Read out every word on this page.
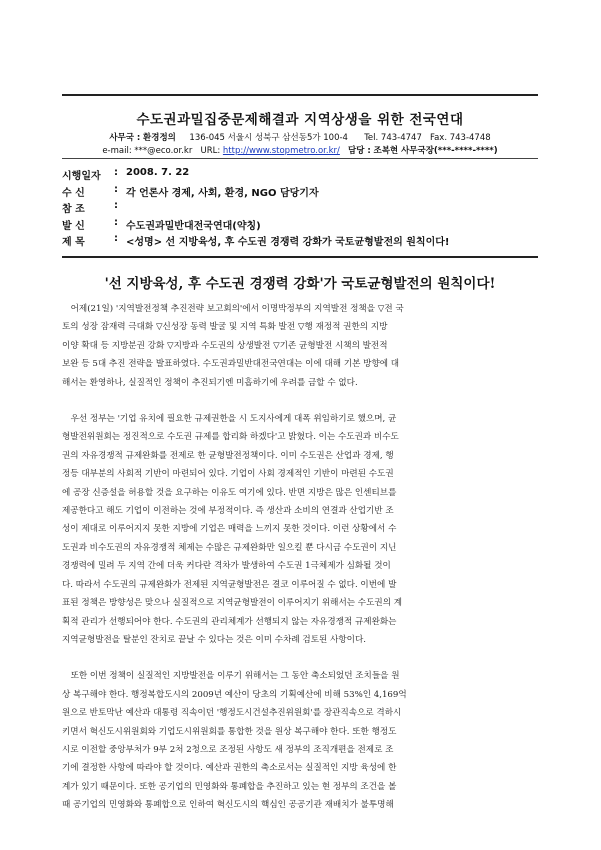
수도권과밀집중문제해결과 지역상생을 위한 전국연대
사무국 : 환경정의 136-045 서울시 성북구 삼선동5가 100-4 Tel. 743-4747 Fax. 743-4748
e-mail: ***@eco.or.kr URL: http://www.stopmetro.or.kr/ 담당 : 조복현 사무국장(***-****-****)
시행일자	: 2008. 7. 22
수 신	: 각 언론사 경제, 사회, 환경, NGO 담당기자
참 조	:
발 신	: 수도권과밀반대전국연대(약칭)
제 목	: <성명> 선 지방육성, 후 수도권 경쟁력 강화가 국토균형발전의 원칙이다!
'선 지방육성, 후 수도권 경쟁력 강화'가 국토균형발전의 원칙이다!
어제(21일) '지역발전정책 추진전략 보고회의'에서 이명박정부의 지역발전 정책을 ▽전 국
토의 성장 잠재력 극대화 ▽신성장 동력 발굴 및 지역 특화 발전 ▽행 재정적 권한의 지방
이양 확대 등 지방분권 강화 ▽지방과 수도권의 상생발전 ▽기존 균형발전 시책의 발전적
보완 등 5대 추진 전략을 발표하였다. 수도권과밀반대전국연대는 이에 대해 기본 방향에 대
해서는 환영하나, 실질적인 정책이 추진되기엔 미흡하기에 우려를 금할 수 없다.
우선 정부는 '기업 유치에 필요한 규제권한을 시 도지사에게 대폭 위임하기로 했으며, 균
형발전위원회는 정진적으로 수도권 규제를 합리화 하겠다'고 밝혔다. 이는 수도권과 비수도
권의 자유경쟁적 규제완화를 전제로 한 균형발전정책이다. 이미 수도권은 산업과 경제, 행
정등 대부분의 사회적 기반이 마련되어 있다. 기업이 사회 경제적인 기반이 마련된 수도권
에 공장 신증설을 허용할 것을 요구하는 이유도 여기에 있다. 반면 지방은 많은 인센티브를
제공한다고 해도 기업이 이전하는 것에 부정적이다. 즉 생산과 소비의 연결과 산업기반 조
성이 제대로 이루어지지 못한 지방에 기업은 매력을 느끼지 못한 것이다. 이런 상황에서 수
도권과 비수도권의 자유경쟁적 체제는 수많은 규제완화만 일으킬 뿐 다시금 수도권이 지닌
경쟁력에 밀려 두 지역 간에 더욱 커다란 격차가 발생하여 수도권 1극체제가 심화될 것이
다. 따라서 수도권의 규제완화가 전제된 지역균형발전은 결코 이루어질 수 없다. 이번에 발
표된 정책은 방향성은 맞으나 실질적으로 지역균형발전이 이루어지기 위해서는 수도권의 계
획적 관리가 선행되어야 한다. 수도권의 관리체계가 선행되지 않는 자유경쟁적 규제완화는
지역균형발전을 탈분인 잔치로 끝날 수 있다는 것은 이미 수차례 검토된 사항이다.
또한 이번 정책이 실질적인 지방발전을 이루기 위해서는 그 동안 축소되었던 조치들을 원
상 복구해야 한다. 행정복합도시의 2009년 예산이 당초의 기획예산에 비해 53%인 4,169억
원으로 반토막난 예산과 대통령 직속이던 '행정도시건설추진위원회'를 장관직속으로 격하시
키면서 혁신도시위원회와 기업도시위원회를 통합한 것을 원상 복구해야 한다. 또한 행정도
시로 이전할 중앙부처가 9부 2처 2청으로 조정된 사항도 새 정부의 조직개편을 전제로 조
기에 결정한 사항에 따라야 할 것이다. 예산과 권한의 축소로서는 실질적인 지방 육성에 한
계가 있기 때문이다. 또한 공기업의 민영화와 통폐합을 추진하고 있는 현 정부의 조건을 볼
때 공기업의 민영화와 통폐합으로 인하여 혁신도시의 핵심인 공공기관 재배치가 불투명해
